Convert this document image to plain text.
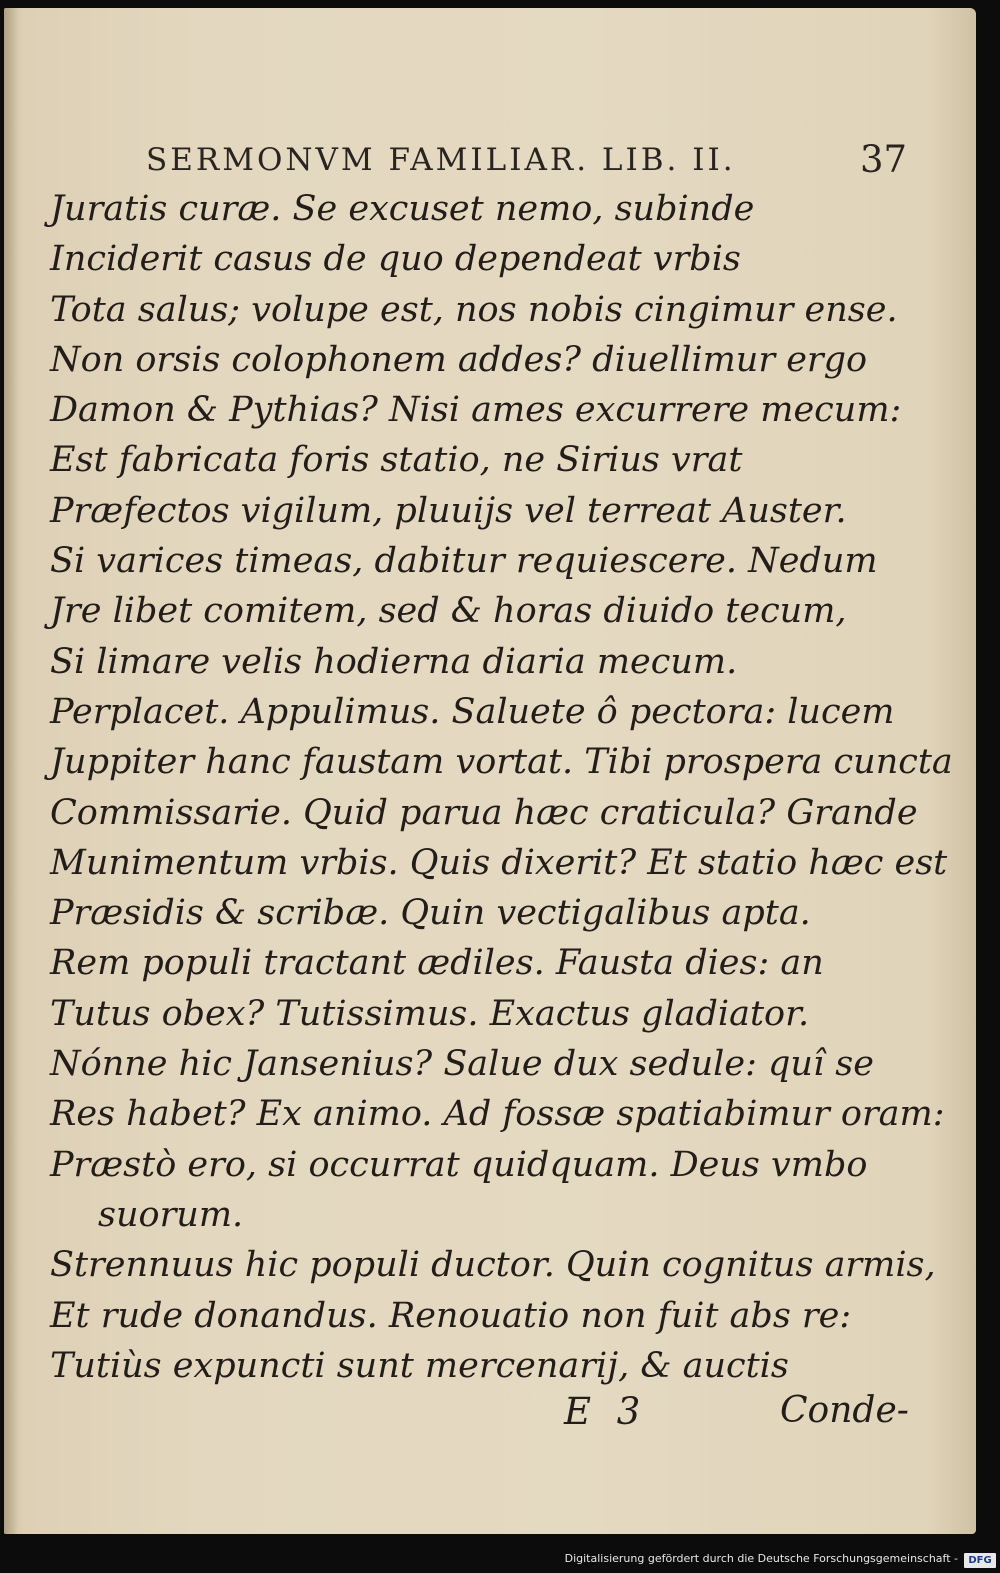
SERMONVM FAMILIAR. LIB. II.	37
Juratis curæ. Se excuset nemo, subinde
Inciderit casus de quo dependeat vrbis
Tota salus; volupe est, nos nobis cingimur ense.
Non orsis colophonem addes? diuellimur ergo
Damon & Pythias? Nisi ames excurrere mecum:
Est fabricata foris statio, ne Sirius vrat
Præfectos vigilum, pluuijs vel terreat Auster.
Si varices timeas, dabitur requiescere. Nedum
Jre libet comitem, sed & horas diuido tecum,
Si limare velis hodierna diaria mecum.
Perplacet. Appulimus. Saluete ô pectora: lucem
Juppiter hanc faustam vortat. Tibi prospera cuncta
Commissarie. Quid parua hæc craticula? Grande
Munimentum vrbis. Quis dixerit? Et statio hæc est
Præsidis & scribæ. Quin vectigalibus apta.
Rem populi tractant ædiles. Fausta dies: an
Tutus obex? Tutissimus. Exactus gladiator.
Nónne hic Jansenius? Salue dux sedule: quî se
Res habet? Ex animo. Ad fossæ spatiabimur oram:
Præstò ero, si occurrat quidquam. Deus vmbo
suorum.
Strennuus hic populi ductor. Quin cognitus armis,
Et rude donandus. Renouatio non fuit abs re:
Tutiùs expuncti sunt mercenarij, & auctis
E 3	Conde-
Digitalisierung gefördert durch die Deutsche Forschungsgemeinschaft -	DFG
